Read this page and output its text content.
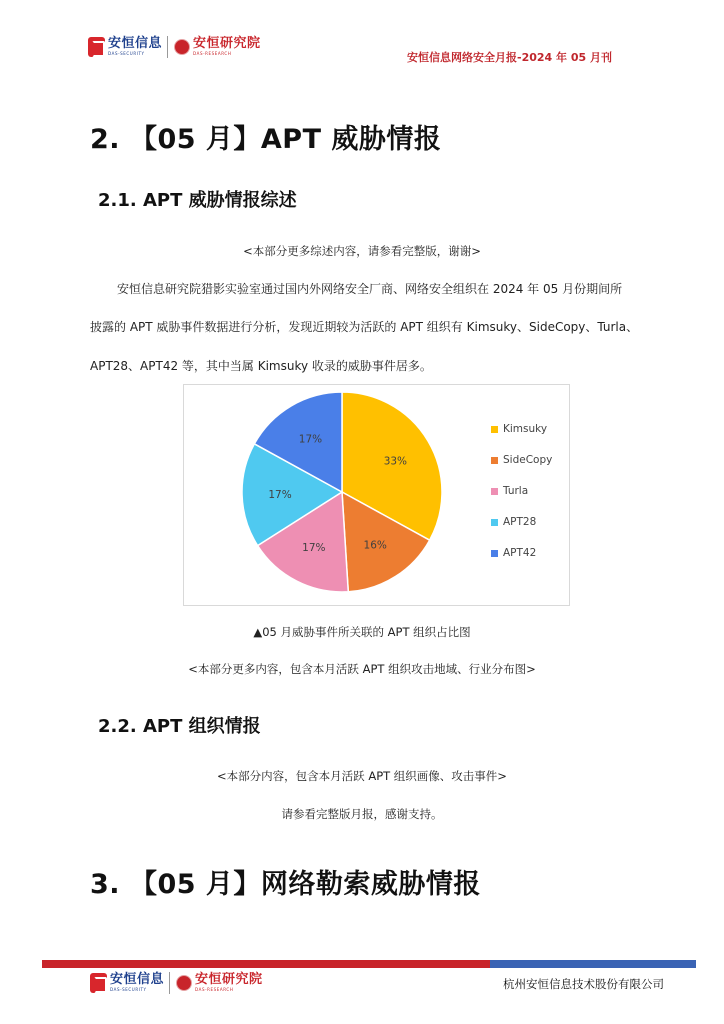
安恒信息
DAS-SECURITY
安恒研究院
DAS-RESEARCH	安恒信息网络安全月报-2024 年 05 月刊
2. 【05 月】APT 威胁情报
2.1. APT 威胁情报综述
<本部分更多综述内容，请参看完整版，谢谢>
安恒信息研究院猎影实验室通过国内外网络安全厂商、网络安全组织在 2024 年 05 月份期间所
披露的 APT 威胁事件数据进行分析，发现近期较为活跃的 APT 组织有 Kimsuky、SideCopy、Turla、
APT28、APT42 等，其中当属 Kimsuky 收录的威胁事件居多。
33%
16%
17%
17%
17%
Kimsuky
SideCopy
Turla
APT28
APT42
▲05 月威胁事件所关联的 APT 组织占比图
<本部分更多内容，包含本月活跃 APT 组织攻击地域、行业分布图>
2.2. APT 组织情报
<本部分内容，包含本月活跃 APT 组织画像、攻击事件>
请参看完整版月报，感谢支持。
3. 【05 月】网络勒索威胁情报
安恒信息
DAS-SECURITY
安恒研究院
DAS-RESEARCH	杭州安恒信息技术股份有限公司
